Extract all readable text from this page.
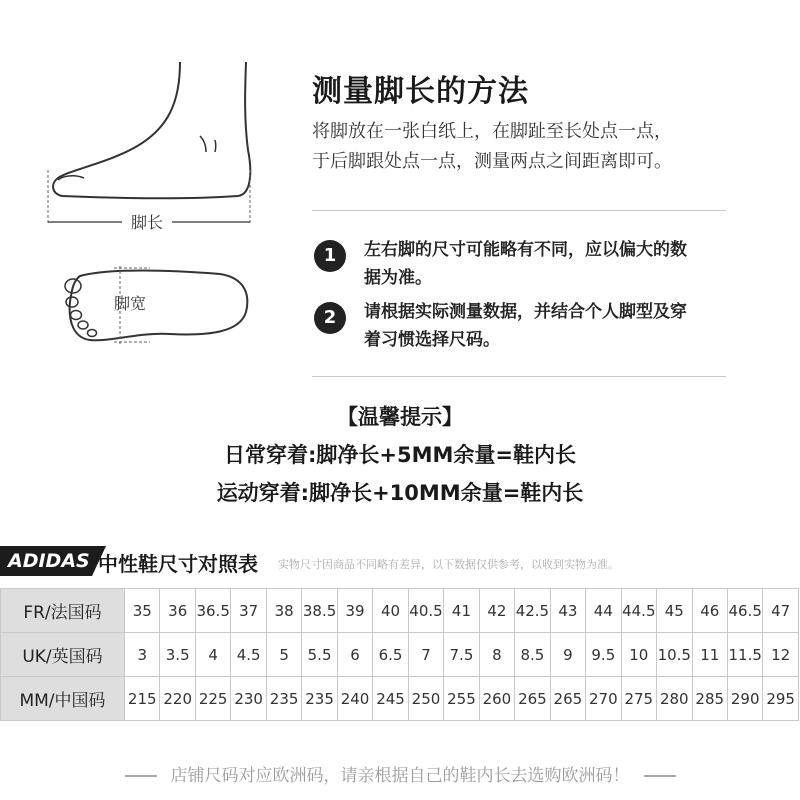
脚长
脚宽
测量脚长的方法
将脚放在一张白纸上，在脚趾至长处点一点，
于后脚跟处点一点，测量两点之间距离即可。
1	左右脚的尺寸可能略有不同，应以偏大的数
据为准。
2	请根据实际测量数据，并结合个人脚型及穿
着习惯选择尺码。
【温馨提示】
日常穿着:脚净长+5MM余量=鞋内长
运动穿着:脚净长+10MM余量=鞋内长
ADIDAS 中性鞋尺寸对照表 实物尺寸因商品不同略有差异，以下数据仅供参考，以收到实物为准。
FR/法国码	35	36	36.5	37	38	38.5	39	40	40.5	41	42	42.5	43	44	44.5	45	46	46.5	47
UK/英国码	3	3.5	4	4.5	5	5.5	6	6.5	7	7.5	8	8.5	9	9.5	10	10.5	11	11.5	12
MM/中国码	215	220	225	230	235	235	240	245	250	255	260	265	265	270	275	280	285	290	295
店铺尺码对应欧洲码，请亲根据自己的鞋内长去选购欧洲码！
